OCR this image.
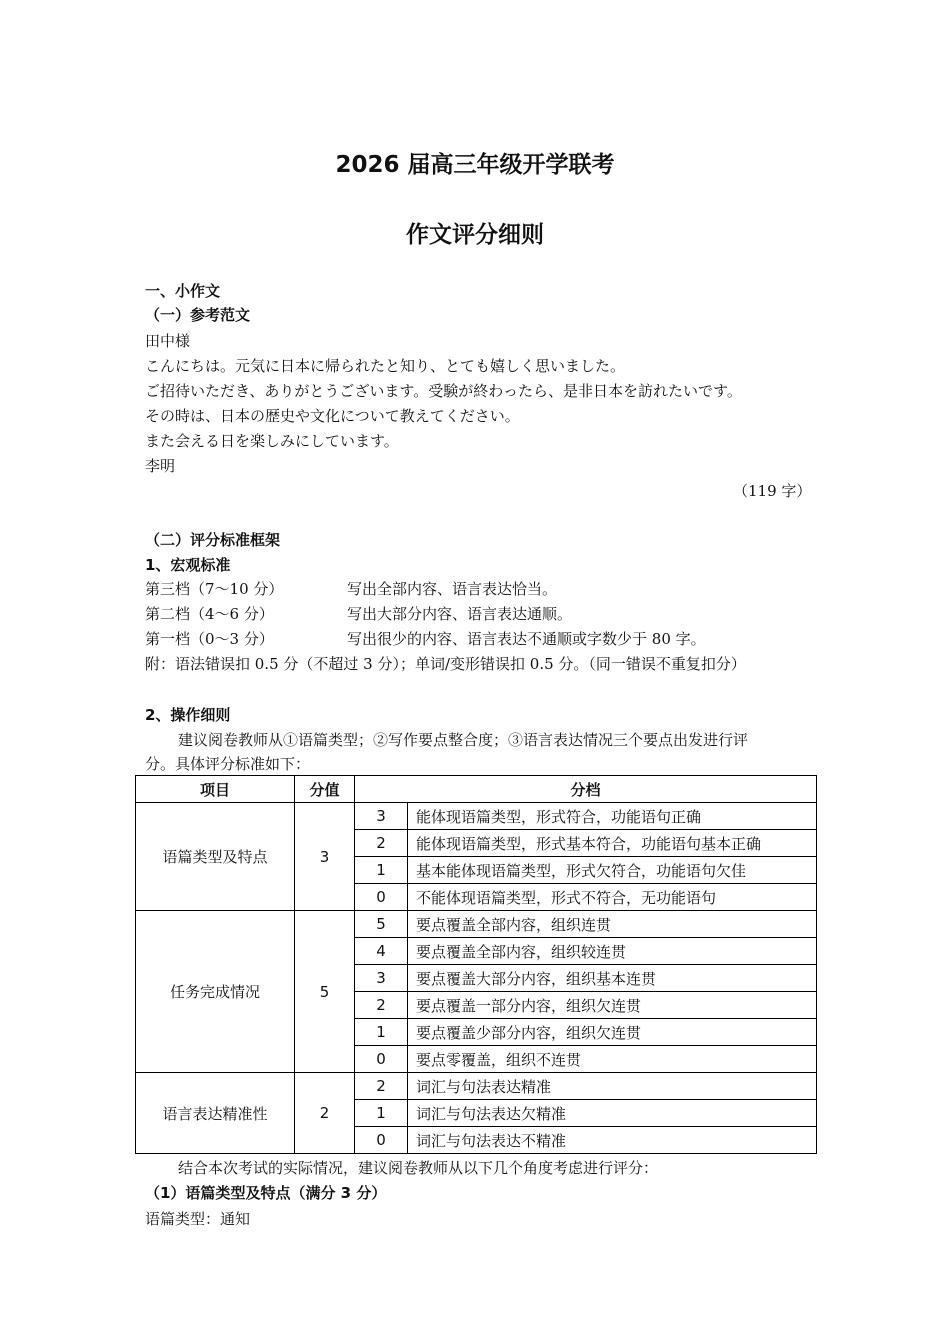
2026 届高三年级开学联考
作文评分细则
一、小作文
（一）参考范文
田中様
こんにちは。元気に日本に帰られたと知り、とても嬉しく思いました。
ご招待いただき、ありがとうございます。受験が終わったら、是非日本を訪れたいです。
その時は、日本の歴史や文化について教えてください。
また会える日を楽しみにしています。
李明
（119 字）
（二）评分标准框架
1、宏观标准
第三档（7～10 分）	写出全部内容、语言表达恰当。
第二档（4～6 分）	写出大部分内容、语言表达通顺。
第一档（0～3 分）	写出很少的内容、语言表达不通顺或字数少于 80 字。
附：语法错误扣 0.5 分（不超过 3 分）；单词/变形错误扣 0.5 分。（同一错误不重复扣分）
2、操作细则
建议阅卷教师从①语篇类型；②写作要点整合度；③语言表达情况三个要点出发进行评
分。具体评分标准如下：
项目	分值	分档	
语篇类型及特点	3	3	能体现语篇类型，形式符合，功能语句正确
		2	能体现语篇类型，形式基本符合，功能语句基本正确
		1	基本能体现语篇类型，形式欠符合，功能语句欠佳
		0	不能体现语篇类型，形式不符合，无功能语句
任务完成情况	5	5	要点覆盖全部内容，组织连贯
		4	要点覆盖全部内容，组织较连贯
		3	要点覆盖大部分内容，组织基本连贯
		2	要点覆盖一部分内容，组织欠连贯
		1	要点覆盖少部分内容，组织欠连贯
		0	要点零覆盖，组织不连贯
语言表达精准性	2	2	词汇与句法表达精准
		1	词汇与句法表达欠精准
		0	词汇与句法表达不精准
结合本次考试的实际情况，建议阅卷教师从以下几个角度考虑进行评分：
（1）语篇类型及特点（满分 3 分）
语篇类型：通知
